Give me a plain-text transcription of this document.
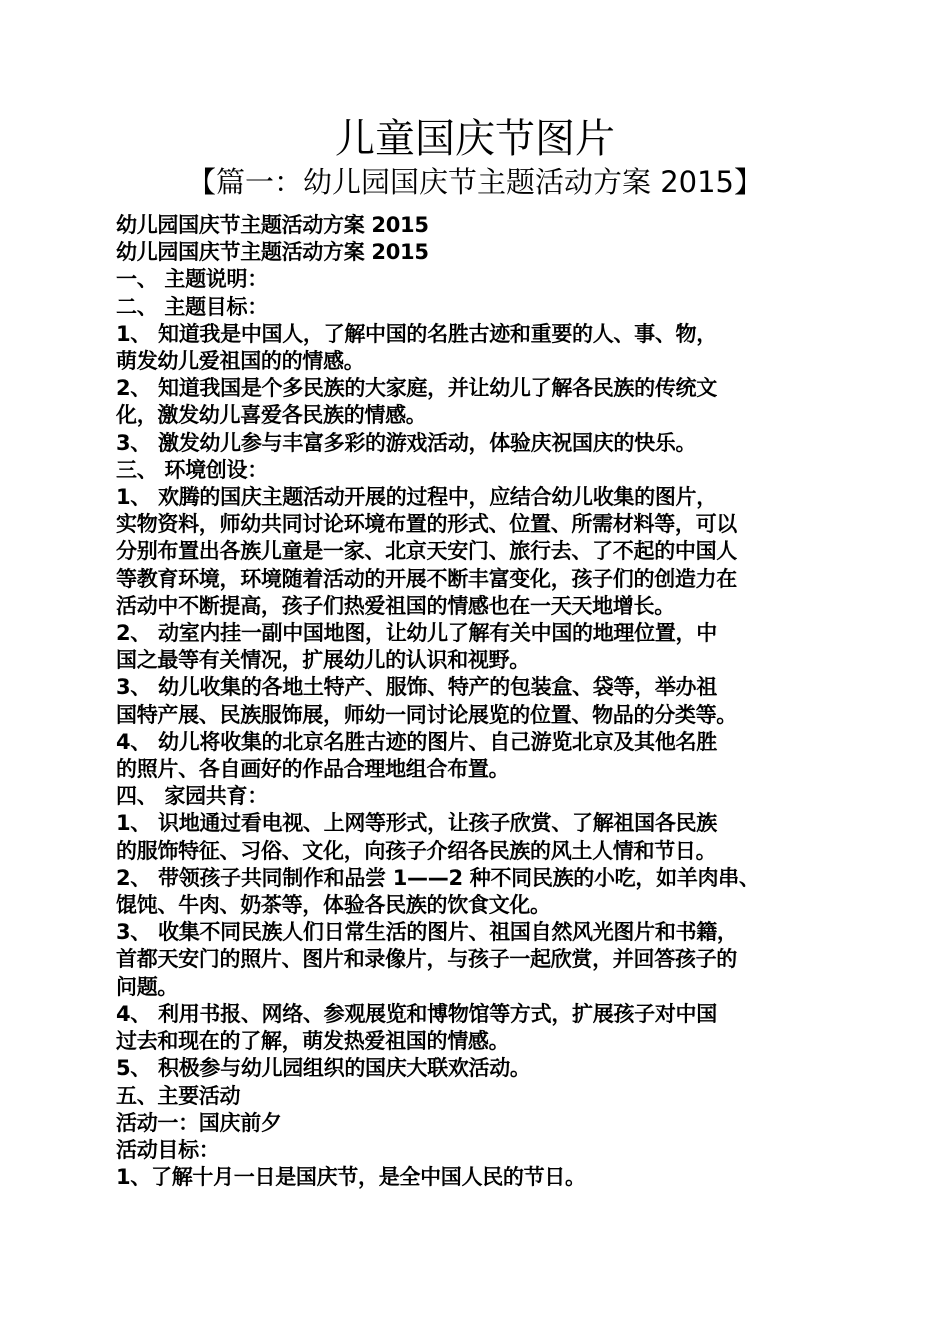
儿童国庆节图片
【篇一：幼儿园国庆节主题活动方案 2015】
幼儿园国庆节主题活动方案 2015
幼儿园国庆节主题活动方案 2015
一、 主题说明：
二、 主题目标：
1、 知道我是中国人，了解中国的名胜古迹和重要的人、事、物，
萌发幼儿爱祖国的的情感。
2、 知道我国是个多民族的大家庭，并让幼儿了解各民族的传统文
化，激发幼儿喜爱各民族的情感。
3、 激发幼儿参与丰富多彩的游戏活动，体验庆祝国庆的快乐。
三、 环境创设：
1、 欢腾的国庆主题活动开展的过程中，应结合幼儿收集的图片，
实物资料，师幼共同讨论环境布置的形式、位置、所需材料等，可以
分别布置出各族儿童是一家、北京天安门、旅行去、了不起的中国人
等教育环境，环境随着活动的开展不断丰富变化，孩子们的创造力在
活动中不断提高，孩子们热爱祖国的情感也在一天天地增长。
2、 动室内挂一副中国地图，让幼儿了解有关中国的地理位置，中
国之最等有关情况，扩展幼儿的认识和视野。
3、 幼儿收集的各地土特产、服饰、特产的包装盒、袋等，举办祖
国特产展、民族服饰展，师幼一同讨论展览的位置、物品的分类等。
4、 幼儿将收集的北京名胜古迹的图片、自己游览北京及其他名胜
的照片、各自画好的作品合理地组合布置。
四、 家园共育：
1、 识地通过看电视、上网等形式，让孩子欣赏、了解祖国各民族
的服饰特征、习俗、文化，向孩子介绍各民族的风土人情和节日。
2、 带领孩子共同制作和品尝 1——2 种不同民族的小吃，如羊肉串、
馄饨、牛肉、奶茶等，体验各民族的饮食文化。
3、 收集不同民族人们日常生活的图片、祖国自然风光图片和书籍，
首都天安门的照片、图片和录像片，与孩子一起欣赏，并回答孩子的
问题。
4、 利用书报、网络、参观展览和博物馆等方式，扩展孩子对中国
过去和现在的了解，萌发热爱祖国的情感。
5、 积极参与幼儿园组织的国庆大联欢活动。
五、主要活动
活动一：国庆前夕
活动目标：
1、了解十月一日是国庆节，是全中国人民的节日。
